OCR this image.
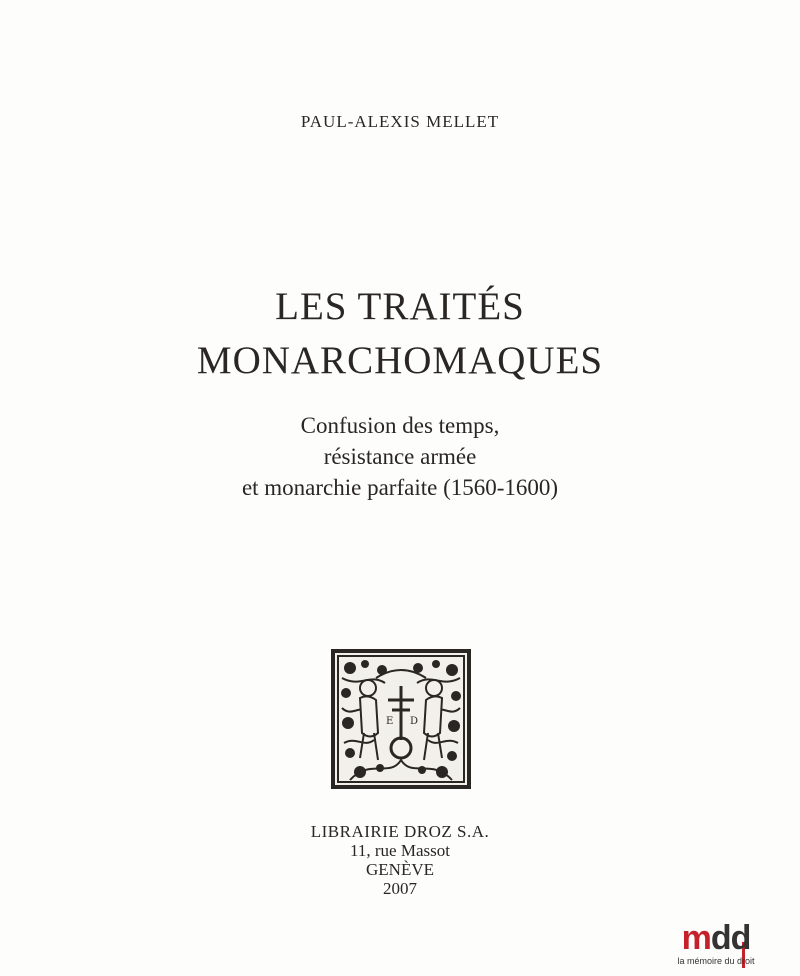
PAUL-ALEXIS MELLET
LES TRAITÉS
MONARCHOMAQUES
Confusion des temps,
résistance armée
et monarchie parfaite (1560-1600)
E D
LIBRAIRIE DROZ S.A.
11, rue Massot
GENÈVE
2007
mdd
la mémoire du droit
